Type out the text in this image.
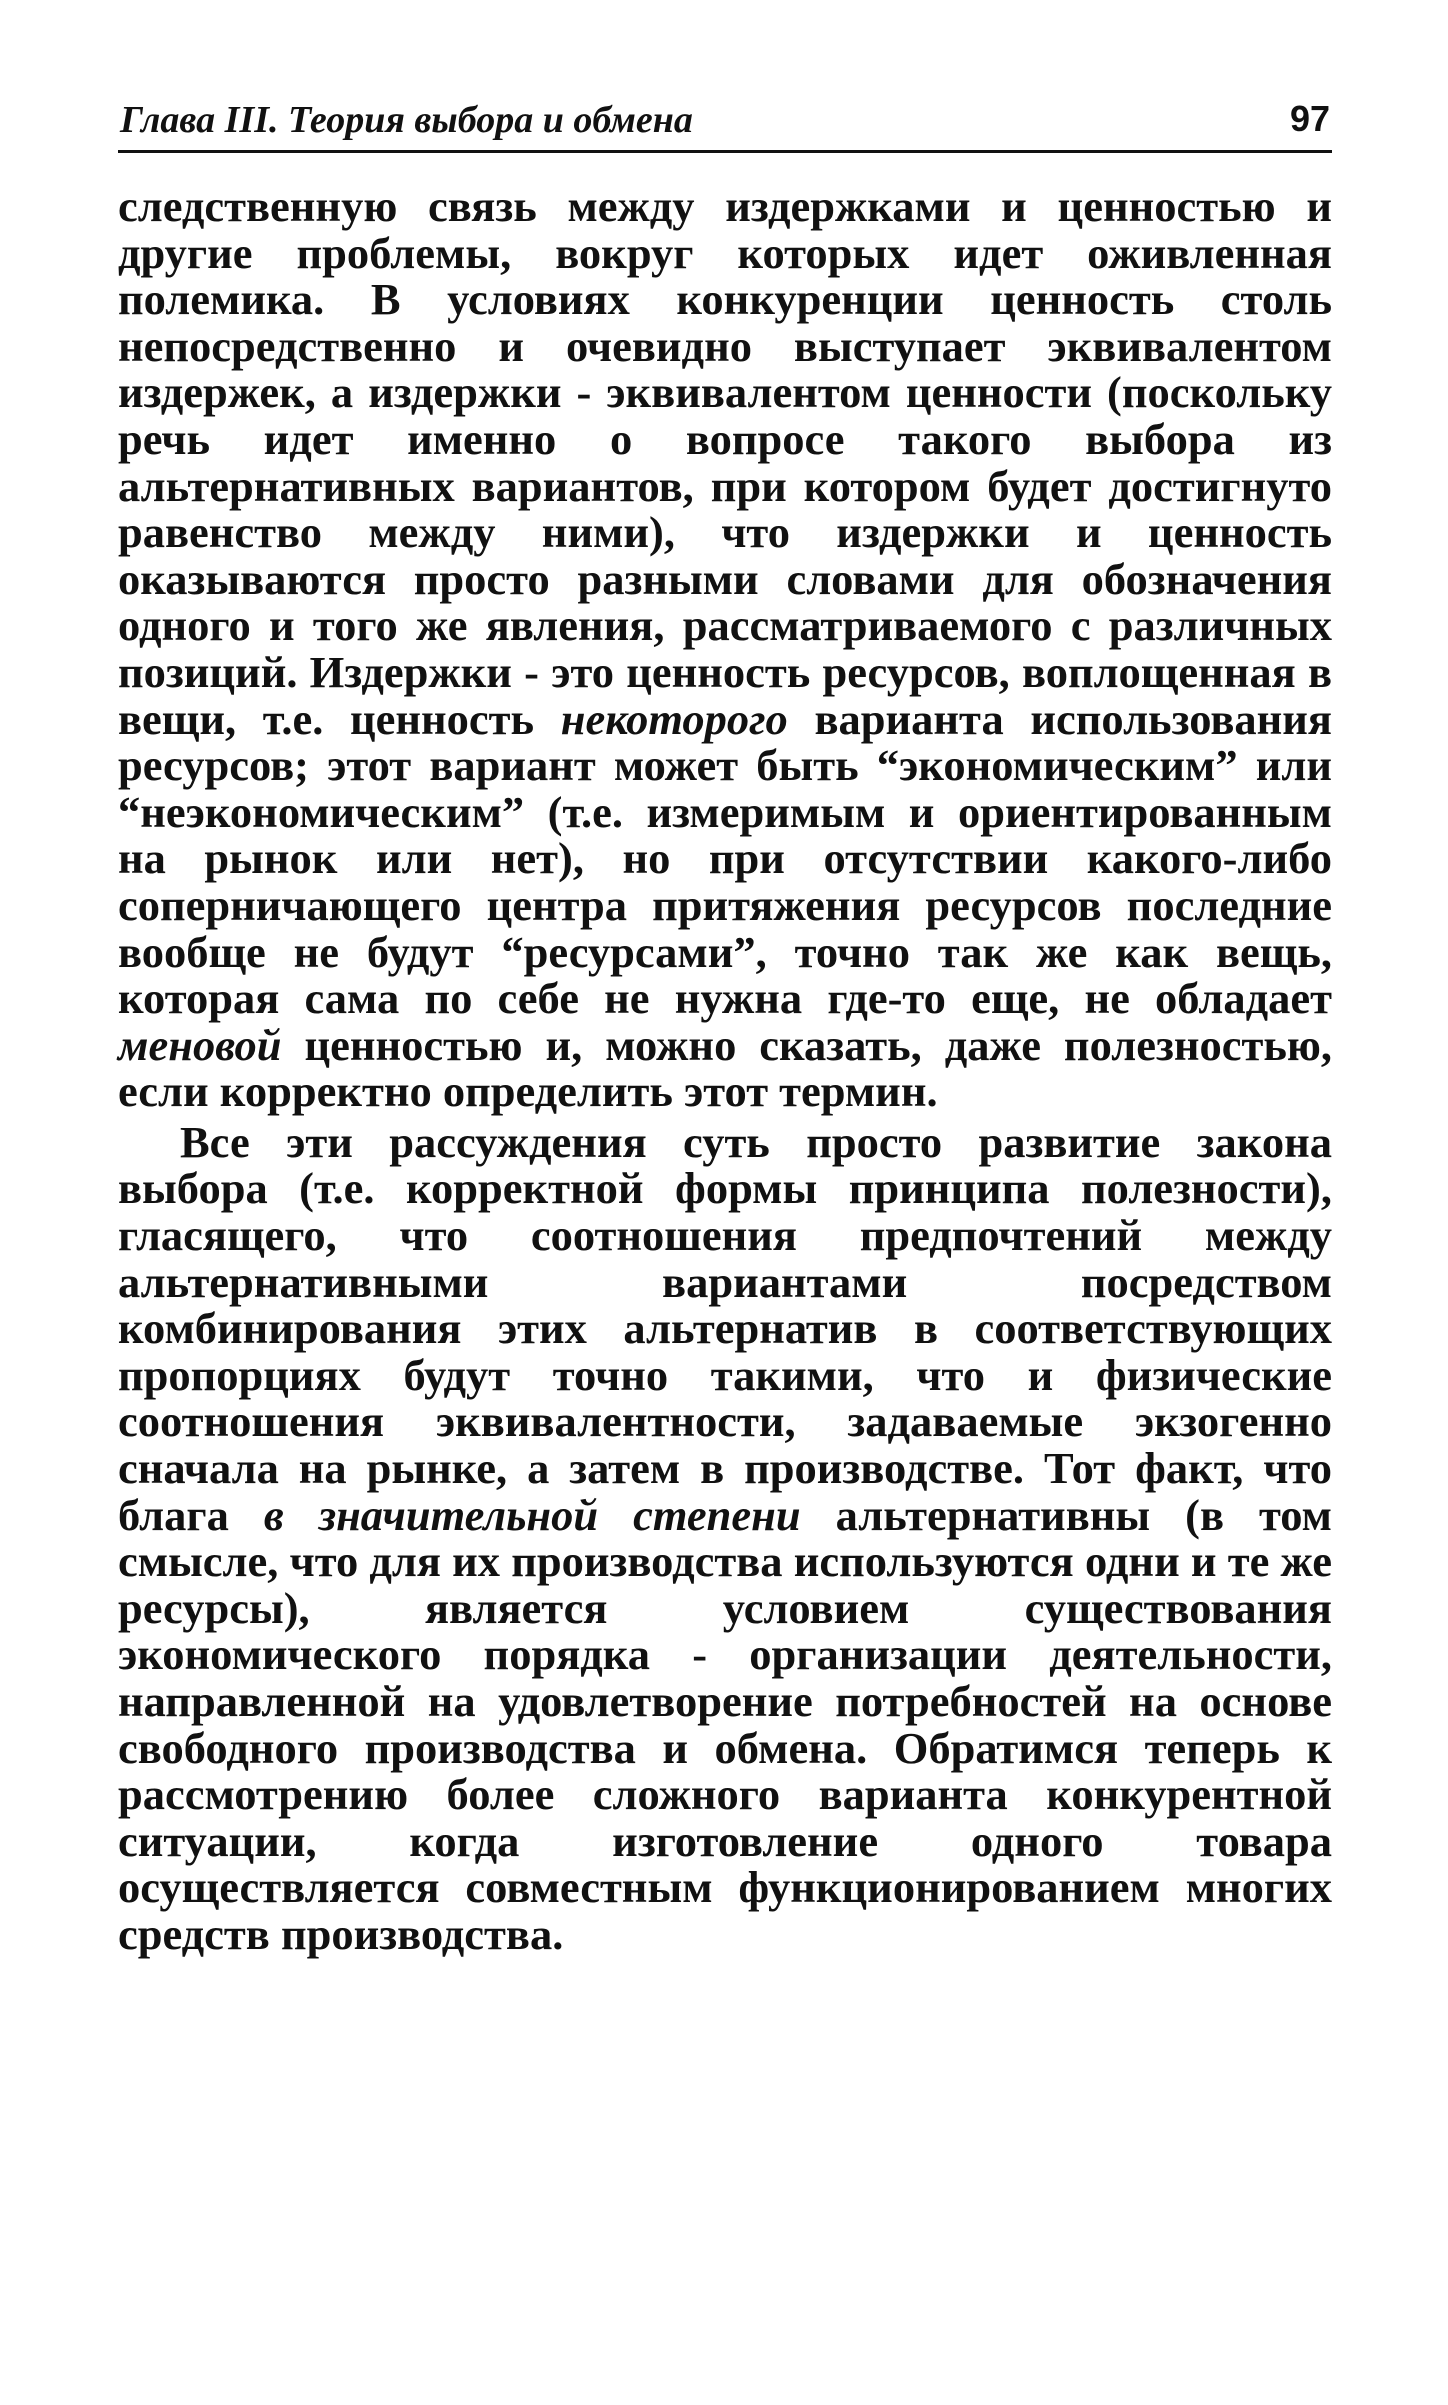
Глава III. Теория выбора и обмена	97

следственную связь между издержками и ценностью и другие проблемы, вокруг которых идет оживленная полемика. В условиях конкуренции ценность столь непосредственно и очевидно выступает эквивалентом издержек, а издержки - эквивалентом ценности (поскольку речь идет именно о вопросе такого выбора из альтернативных вариантов, при котором будет достигнуто равенство между ними), что издержки и ценность оказываются просто разными словами для обозначения одного и того же явления, рассматриваемого с различных позиций. Издержки - это ценность ресурсов, воплощенная в вещи, т.е. ценность некоторого варианта использования ресурсов; этот вариант может быть “экономическим” или “неэкономическим” (т.е. измеримым и ориентированным на рынок или нет), но при отсутствии какого-либо соперничающего центра притяжения ресурсов последние вообще не будут “ресурсами”, точно так же как вещь, которая сама по себе не нужна где-то еще, не обладает меновой ценностью и, можно сказать, даже полезностью, если корректно определить этот термин.

Все эти рассуждения суть просто развитие закона выбора (т.е. корректной формы принципа полезности), гласящего, что соотношения предпочтений между альтернативными вариантами посредством комбинирования этих альтернатив в соответствующих пропорциях будут точно такими, что и физические соотношения эквивалентности, задаваемые экзогенно сначала на рынке, а затем в производстве. Тот факт, что блага в значительной степени альтернативны (в том смысле, что для их производства используются одни и те же ресурсы), является условием существования экономического порядка - организации деятельности, направленной на удовлетворение потребностей на основе свободного производства и обмена. Обратимся теперь к рассмотрению более сложного варианта конкурентной ситуации, когда изготовление одного товара осуществляется совместным функционированием многих средств производства.
